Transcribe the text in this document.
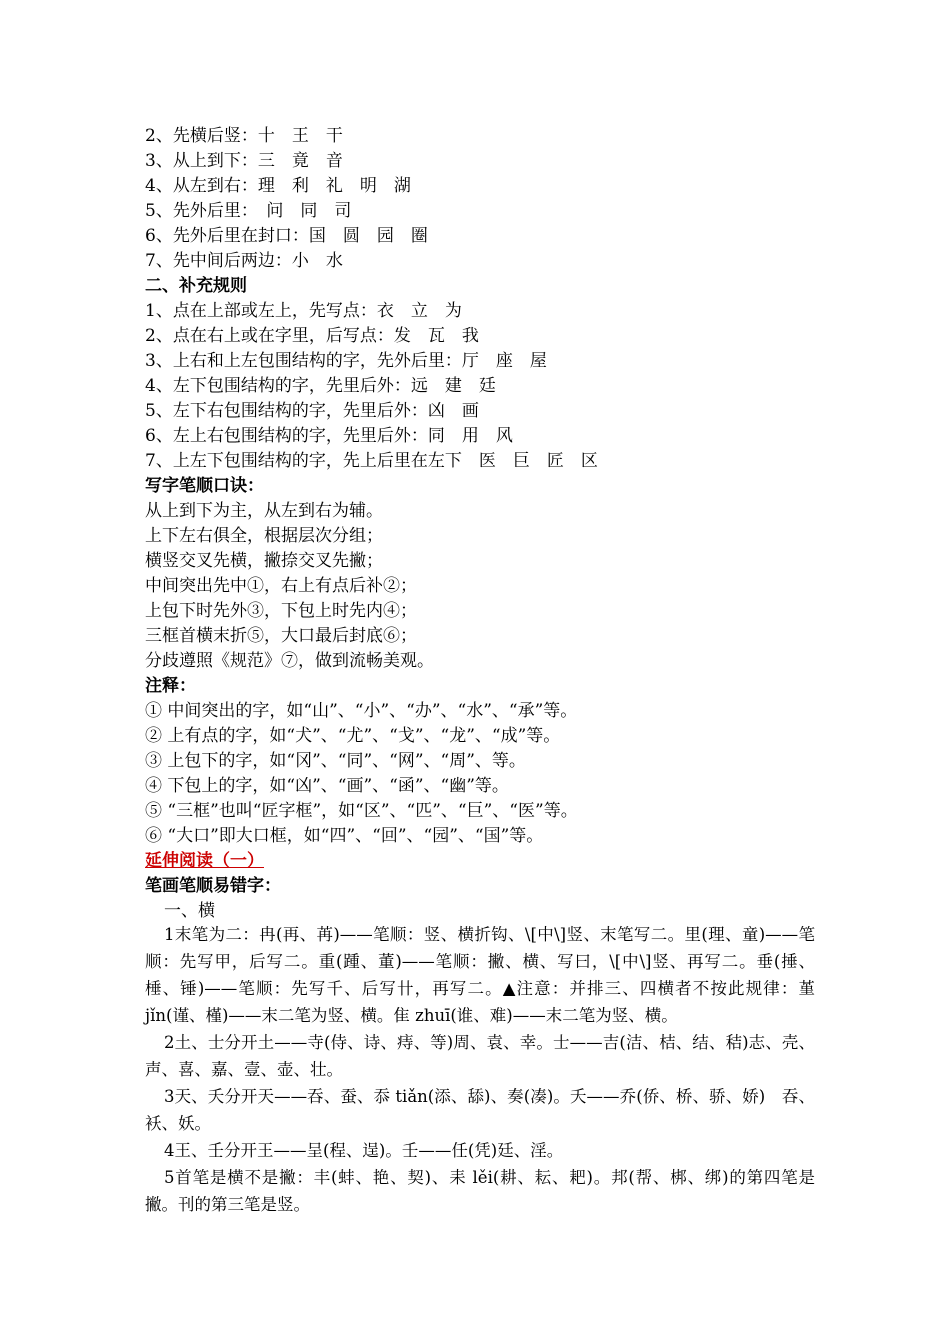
2、先横后竖：十　王　干
3、从上到下：三　竟　音
4、从左到右：理　利　礼　明　湖
5、先外后里：　问　同　司
6、先外后里在封口：国　圆　园　圈
7、先中间后两边：小　水
二、补充规则
1、点在上部或左上，先写点：衣　立　为
2、点在右上或在字里，后写点：发　瓦　我
3、上右和上左包围结构的字，先外后里：厅　座　屋
4、左下包围结构的字，先里后外：远　建　廷
5、左下右包围结构的字，先里后外：凶　画
6、左上右包围结构的字，先里后外：同　用　风
7、上左下包围结构的字，先上后里在左下　医　巨　匠　区
写字笔顺口诀：
从上到下为主，从左到右为辅。
上下左右俱全，根据层次分组；
横竖交叉先横，撇捺交叉先撇；
中间突出先中①，右上有点后补②；
上包下时先外③，下包上时先内④；
三框首横末折⑤，大口最后封底⑥；
分歧遵照《规范》⑦，做到流畅美观。
注释：
① 中间突出的字，如“山”、“小”、“办”、“水”、“承”等。
② 上有点的字，如“犬”、“尤”、“戈”、“龙”、“成”等。
③ 上包下的字，如“冈”、“同”、“网”、“周”、等。
④ 下包上的字，如“凶”、“画”、“函”、“幽”等。
⑤ “三框”也叫“匠字框”，如“区”、“匹”、“巨”、“医”等。
⑥ “大口”即大口框，如“四”、“回”、“园”、“国”等。
延伸阅读（一）
笔画笔顺易错字：
一、横

1末笔为二：冉(再、苒)——笔顺：竖、横折钩、\[中\]竖、末笔写二。里(理、童)——笔顺：先写甲，后写二。重(踵、董)——笔顺：撇、横、写曰，\[中\]竖、再写二。垂(捶、棰、锤)——笔顺：先写千、后写卄，再写二。▲注意：并排三、四横者不按此规律：堇 jǐn(谨、槿)——末二笔为竖、横。隹 zhuī(谁、难)——末二笔为竖、横。

2土、士分开土——寺(侍、诗、痔、等)周、袁、幸。士——吉(洁、桔、结、秸)志、壳、声、喜、嘉、壹、壶、壮。

3天、夭分开天——吞、蚕、忝 tiǎn(添、舔)、奏(凑)。夭——乔(侨、桥、骄、娇)　吞、袄、妖。

4王、壬分开王——呈(程、逞)。壬——任(凭)廷、淫。

5首笔是横不是撇：丰(蚌、艳、契)、耒 lěi(耕、耘、耙)。邦(帮、梆、绑)的第四笔是撇。刊的第三笔是竖。
